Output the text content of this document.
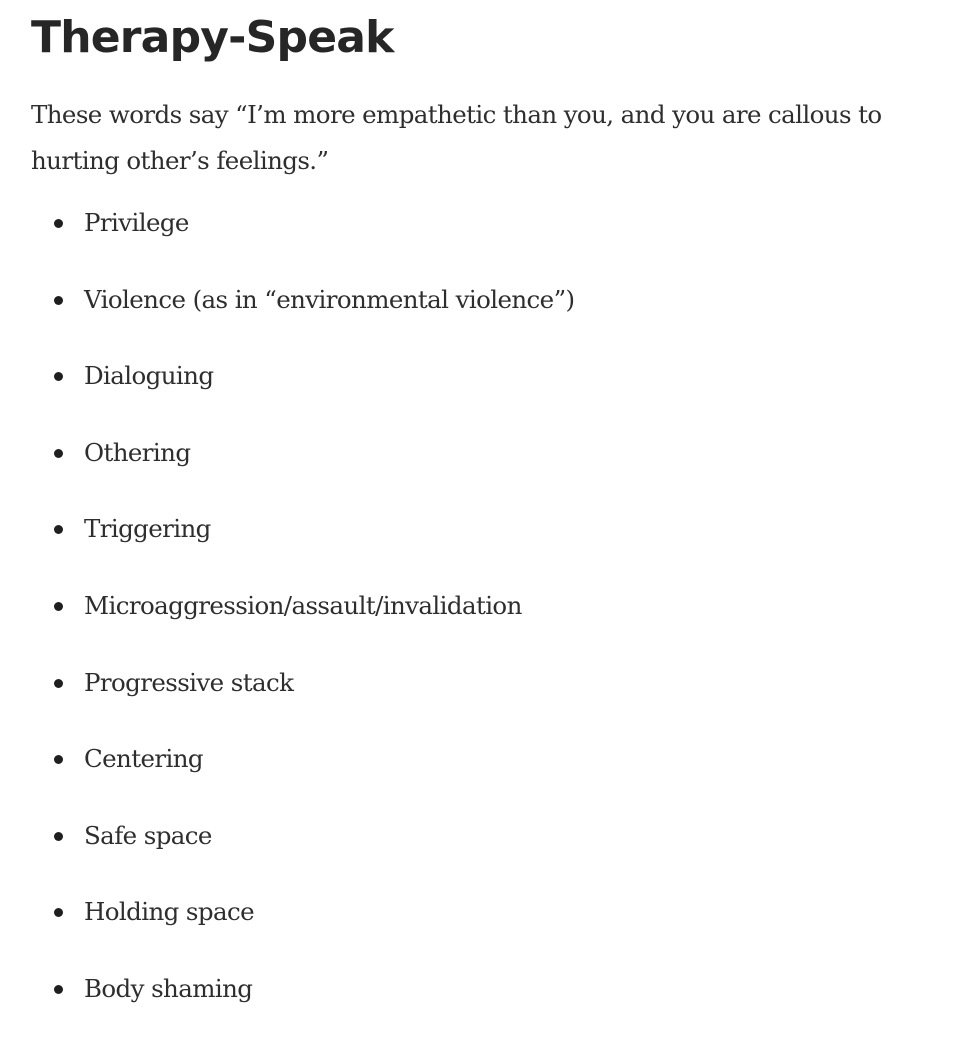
Therapy-Speak

These words say “I’m more empathetic than you, and you are callous to hurting other’s feelings.”

Privilege
Violence (as in “environmental violence”)
Dialoguing
Othering
Triggering
Microaggression/assault/invalidation
Progressive stack
Centering
Safe space
Holding space
Body shaming
